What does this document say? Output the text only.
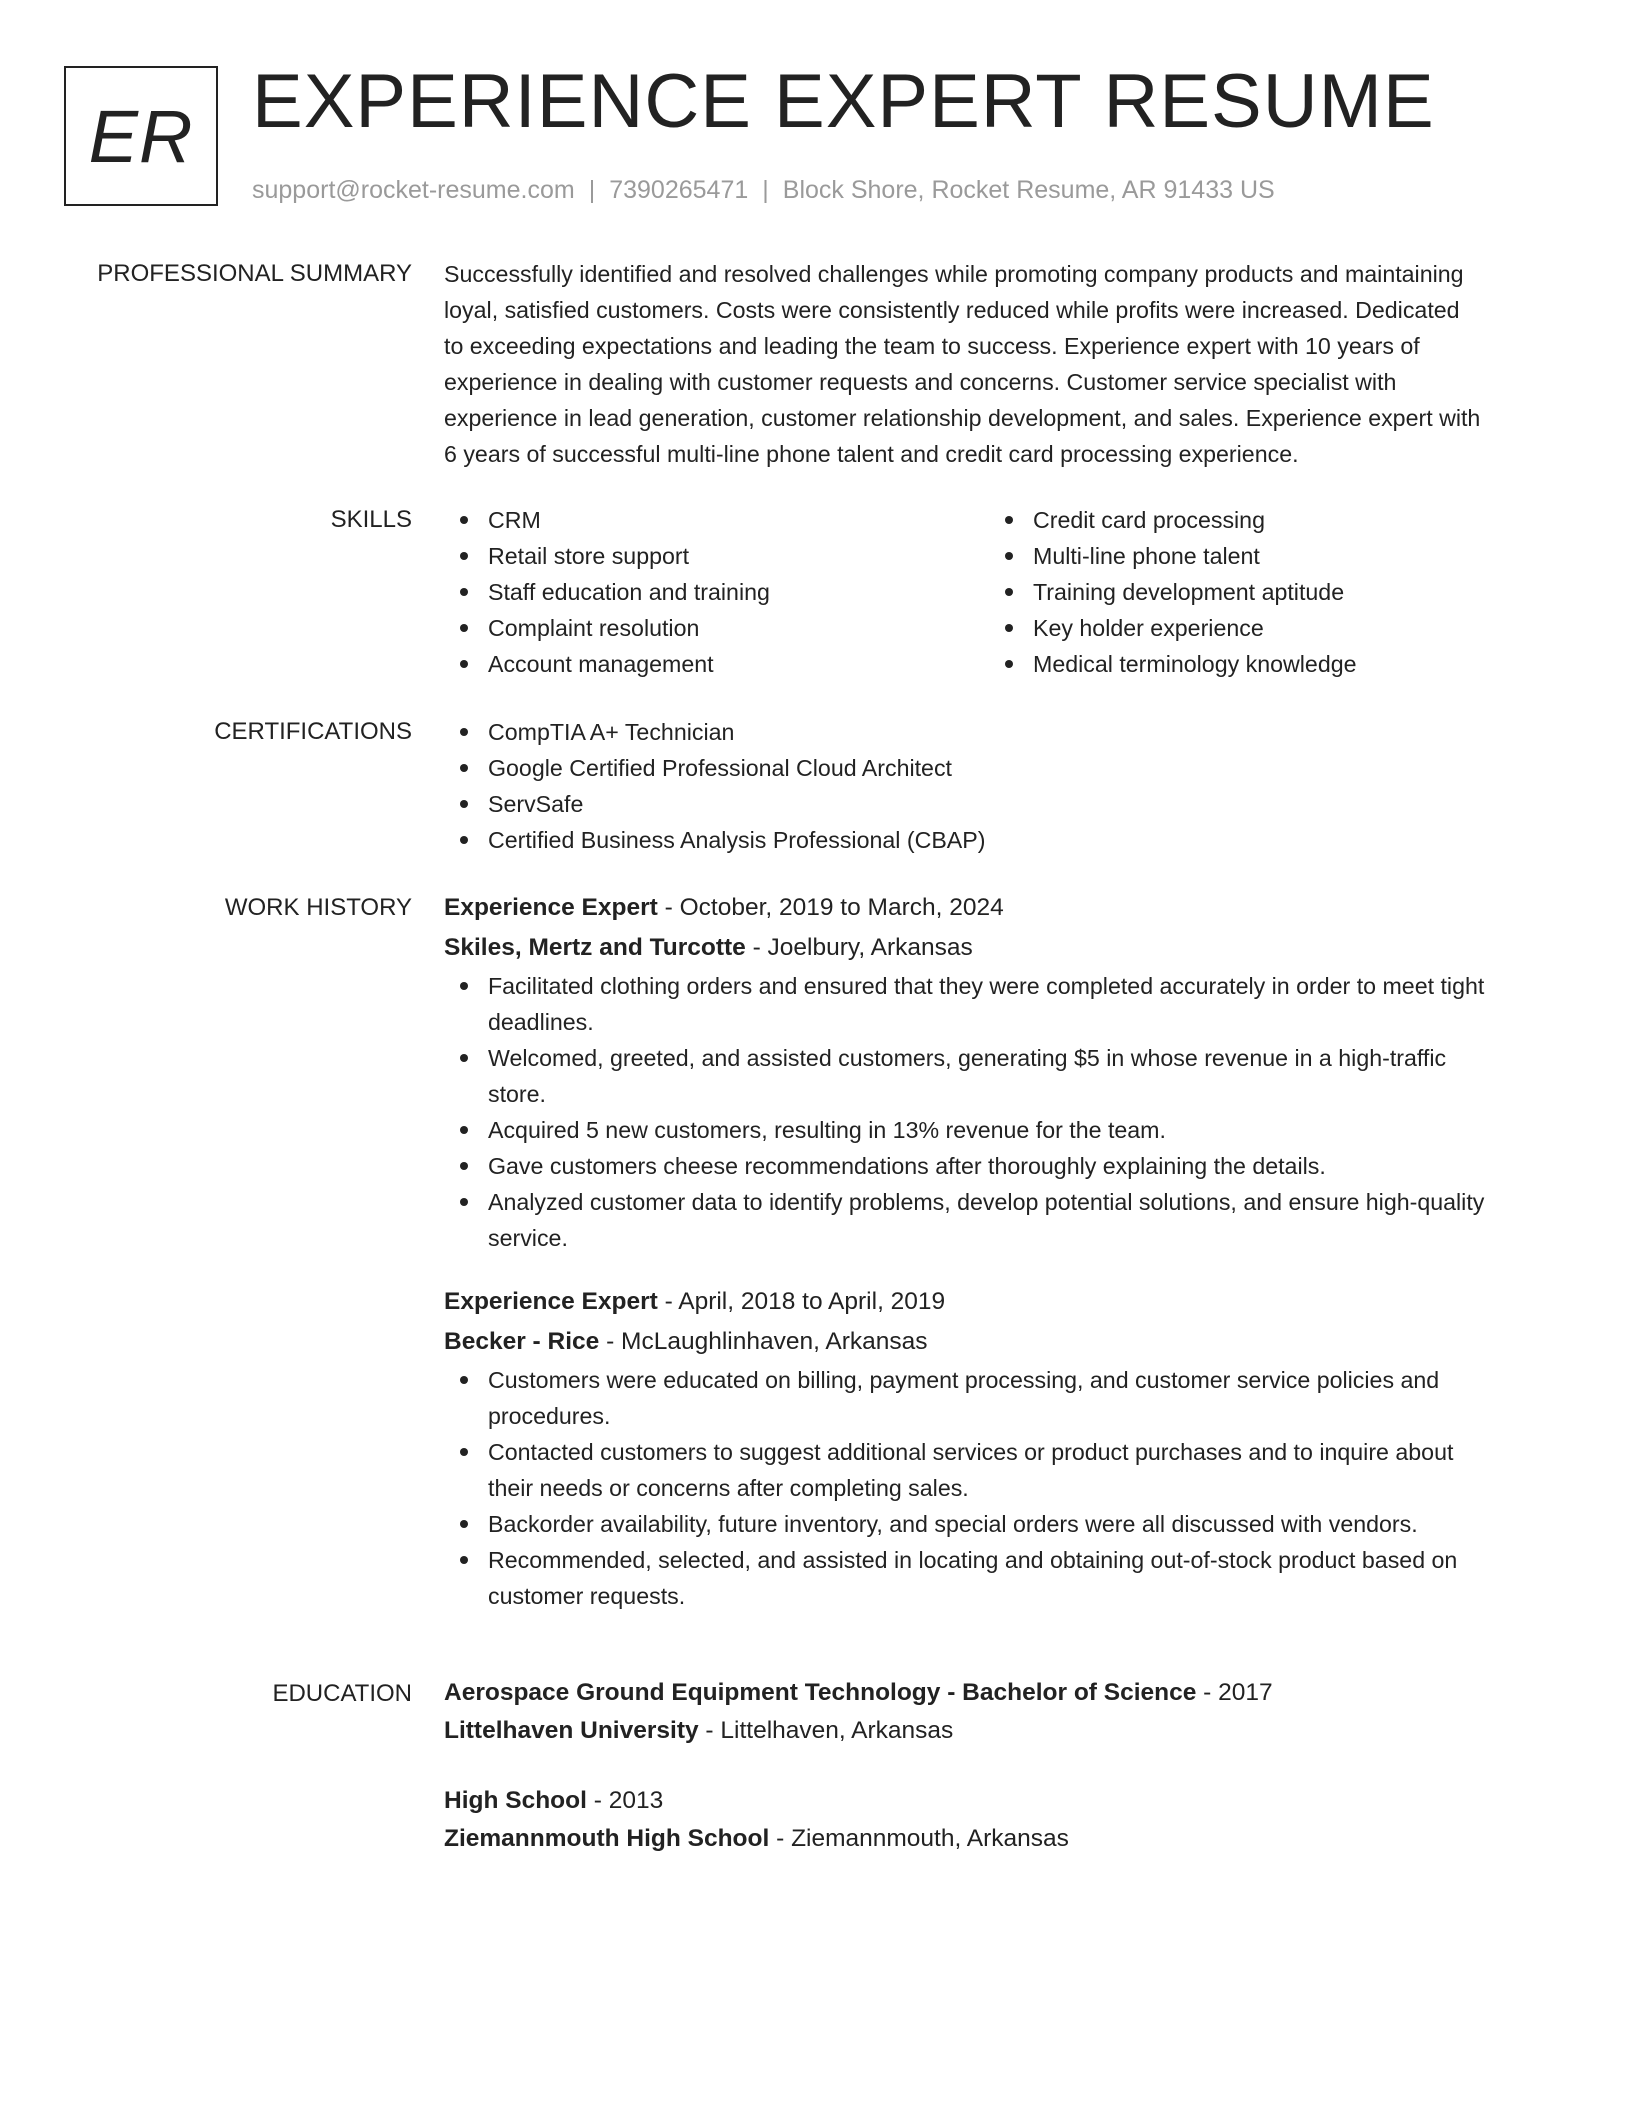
ER EXPERIENCE EXPERT RESUME
support@rocket-resume.com | 7390265471 | Block Shore, Rocket Resume, AR 91433 US
PROFESSIONAL SUMMARY Successfully identified and resolved challenges while promoting company products and maintaining
loyal, satisfied customers. Costs were consistently reduced while profits were increased. Dedicated
to exceeding expectations and leading the team to success. Experience expert with 10 years of
experience in dealing with customer requests and concerns. Customer service specialist with
experience in lead generation, customer relationship development, and sales. Experience expert with
6 years of successful multi-line phone talent and credit card processing experience.

SKILLS	CRM
Retail store support
Staff education and training
Complaint resolution
Account management
Credit card processing
Multi-line phone talent
Training development aptitude
Key holder experience
Medical terminology knowledge
CERTIFICATIONS	CompTIA A+ Technician
Google Certified Professional Cloud Architect
ServSafe
Certified Business Analysis Professional (CBAP)
WORK HISTORY Experience Expert - October, 2019 to March, 2024
Skiles, Mertz and Turcotte - Joelbury, Arkansas
Facilitated clothing orders and ensured that they were completed accurately in order to meet tight
deadlines.
Welcomed, greeted, and assisted customers, generating $5 in whose revenue in a high-traffic
store.
Acquired 5 new customers, resulting in 13% revenue for the team.
Gave customers cheese recommendations after thoroughly explaining the details.
Analyzed customer data to identify problems, develop potential solutions, and ensure high-quality
service.
Experience Expert - April, 2018 to April, 2019
Becker - Rice - McLaughlinhaven, Arkansas
Customers were educated on billing, payment processing, and customer service policies and
procedures.
Contacted customers to suggest additional services or product purchases and to inquire about
their needs or concerns after completing sales.
Backorder availability, future inventory, and special orders were all discussed with vendors.
Recommended, selected, and assisted in locating and obtaining out-of-stock product based on
customer requests.
EDUCATION Aerospace Ground Equipment Technology - Bachelor of Science - 2017
Littelhaven University - Littelhaven, Arkansas
High School - 2013
Ziemannmouth High School - Ziemannmouth, Arkansas
